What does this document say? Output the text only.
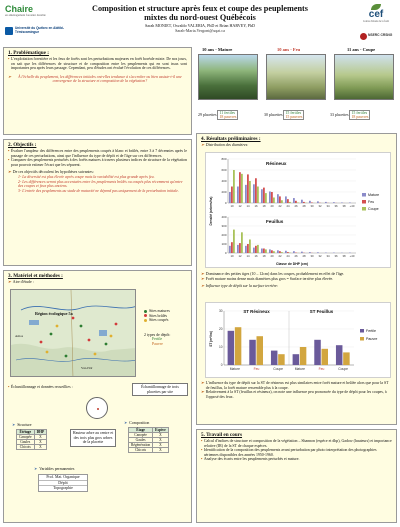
Chaire
en aménagement forestier durable
Université du Québec en Abitibi-Témiscamingue
Composition et structure après feux et coupe des peuplements
mixtes du nord-ouest Québécois
Sarah MONIET, Osvaldo VALERIA, PhD et Brian HARVEY, PhD
Sarah-Maria.Vergont@uqat.ca
cef
Centre d'étude de la forêt
NSERC CRSNG
1. Problématique :
• L'exploitation forestière et les feux de forêts sont les perturbations majeures en forêt boréale mixte. De nos jours, on sait que les différences de structure et de composition entre les peuplements qui en sont issus sont importantes peu après leurs passage. Cependant, peu d'études ont évalué l'évolution de ces différences.
➢	À l'échelle du peuplement, les différences initiales ont-elles tendance à s'accroître ou bien assiste-t-il une convergence de la structure et composition de la végétation?
10 ans - Mature	10 ans - Feu	11 ans - Coupe
29 placettes 11 fertiles
18 pauvres
30 placettes 15 fertiles
15 pauvres
33 placettes 15 fertiles
18 pauvres
2. Objectifs :
• Évaluer l'ampleur des différences entre des peuplements coupés à blanc et brûlés, entre 3 à 7 décennies après le passage de ces perturbations, ainsi que l'influence du type de dépôt et de l'âge sur ces différences.
• Comparer des peuplements perturbés à des forêts matures à travers plusieurs indices de structure de la végétation pour pouvoir estimer l'écart que les séparent.
➢ De ces objectifs découlent les hypothèses suivantes:
1- La diversité est plus élevée après coupe mais la variabilité est plus grande après feu.
2- Les différences seront plus accentuées entre les peuplements brûlés ou coupés plus récemment qu'entre des coupes et feux plus anciens.
3- L'entrée des peuplements au stade de maturité ne dépend pas uniquement de la perturbation initiale.
3. Matériel et méthodes :
➢ Aire d'étude :
Région écologique 5a
Amos
Val-d'Or
Sites matures
Sites brûlés
Sites coupés
2 types de dépôt:
Fertile
Pauvre
• Échantillonnage et données recueillies :	Échantillonnage de trois placettes par site
➤ Structure
Ététage	DHP
Canopée	X
Gaules	X
Chicots	X
Hauteur arbre au centre et des trois plus gros arbres de la placette
➤ Composition
Étage	Espèce
Canopée	X
Gaules	X
Régénération	X
Chicots	X
➤ Variables permanentes
Prof. Mat. Organique
Dépôt
Topographie
4. Résultats préliminaires :
➢ Distribution des diamètres:
0
200
400
600
800
10 12 14 16 18 20 22 24 26 28 30 32 34 36 38 +40
Résineux
0
100
200
300
400
10 12 14 16 18 20 22 24 26 28 30 32 34 36 38 +40
Feuillus
Classe de DHP (cm)
Densité (arbres/ha)
Mature
Feu
Coupe
➢ Dominance des petites tiges (10 – 12cm) dans les coupes, probablement en effet de l'âge.
➢ Forêt mature moins dense mais diamètres plus gros = Surface terrière plus élevée.
➢ Influence type de dépôt sur la surface terrière:
0
10
20
30
Mature	Feu	Coupe	Mature	Feu	Coupe
ST Résineux	ST Feuillus
ST (m²/ha)
Fertile
Pauvre
➢ L'influence du type de dépôt sur la ST de résineux est plus similaires entre forêt mature et brûlée alors que pour la ST de feuillus, la forêt mature ressemble plus à la coupe.
➢ Relativement à la ST (feuillus et résineux), on note une influence peu prononcée du type de dépôt pour les coupes, à l'opposé des feux.
5. Travail en cours
• Calcul d'indices de structure et composition de la végétation – Shannon (espèce et dhp), Gadow (hauteurs) et importance relative (IR) de la ST de chaque espèces.
• Identification de la composition des peuplements avant perturbation par photo interprétation des photographies aériennes disponibles des années 1950-1960.
• Analyse des écarts entre les peuplements perturbés et mature.
